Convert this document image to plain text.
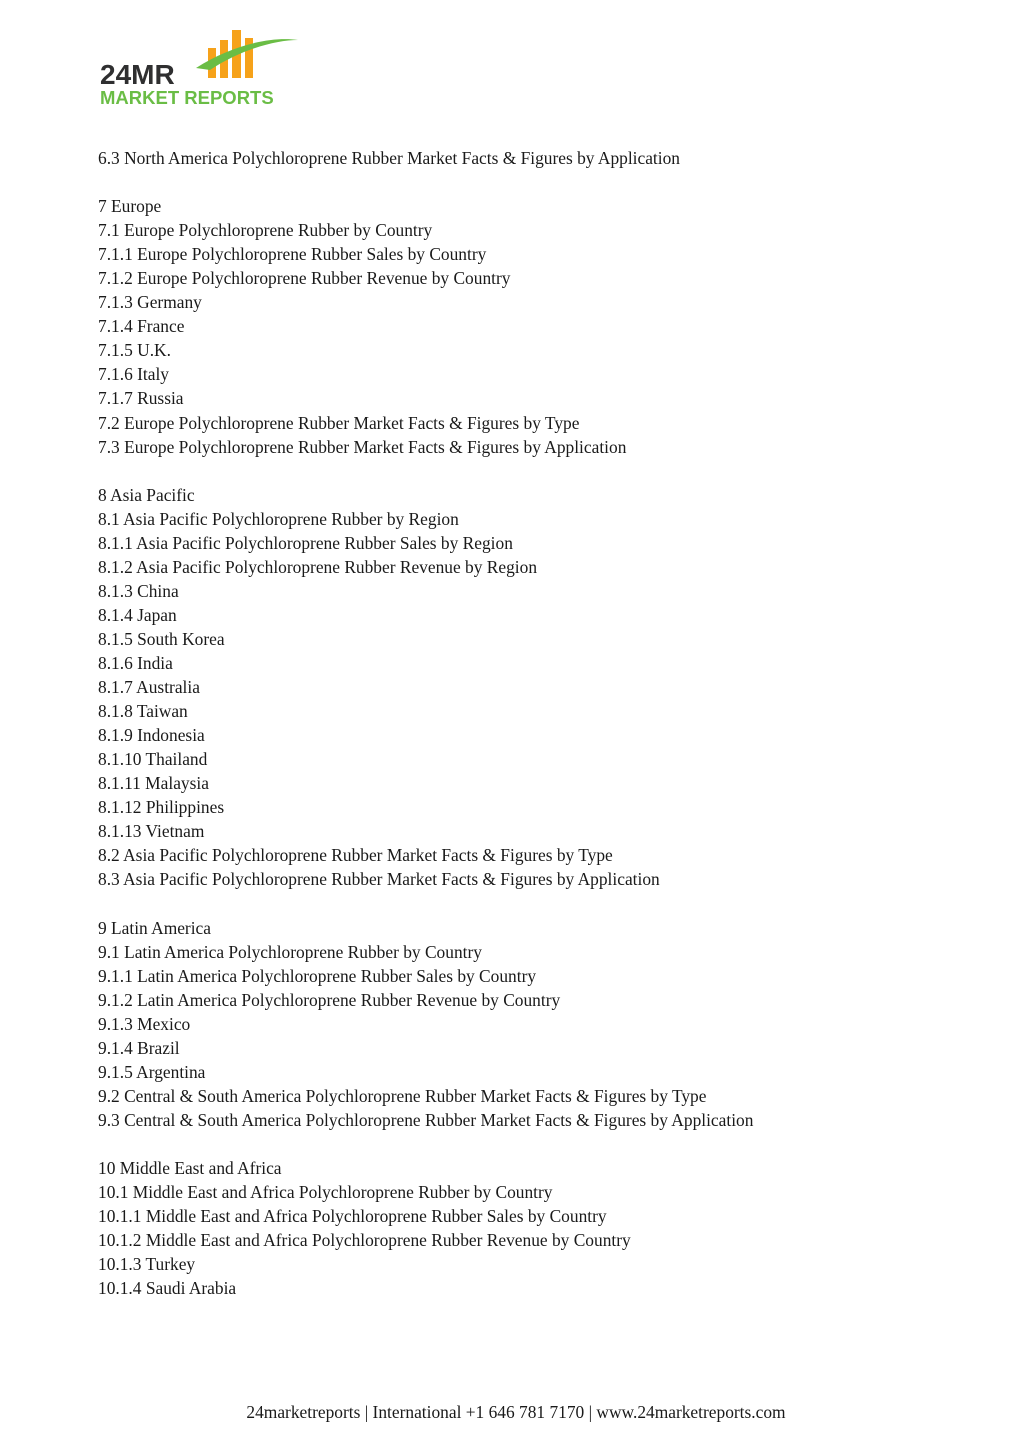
24MR
MARKET REPORTS
6.3 North America Polychloroprene Rubber Market Facts & Figures by Application
7 Europe
7.1 Europe Polychloroprene Rubber by Country
7.1.1 Europe Polychloroprene Rubber Sales by Country
7.1.2 Europe Polychloroprene Rubber Revenue by Country
7.1.3 Germany
7.1.4 France
7.1.5 U.K.
7.1.6 Italy
7.1.7 Russia
7.2 Europe Polychloroprene Rubber Market Facts & Figures by Type
7.3 Europe Polychloroprene Rubber Market Facts & Figures by Application
8 Asia Pacific
8.1 Asia Pacific Polychloroprene Rubber by Region
8.1.1 Asia Pacific Polychloroprene Rubber Sales by Region
8.1.2 Asia Pacific Polychloroprene Rubber Revenue by Region
8.1.3 China
8.1.4 Japan
8.1.5 South Korea
8.1.6 India
8.1.7 Australia
8.1.8 Taiwan
8.1.9 Indonesia
8.1.10 Thailand
8.1.11 Malaysia
8.1.12 Philippines
8.1.13 Vietnam
8.2 Asia Pacific Polychloroprene Rubber Market Facts & Figures by Type
8.3 Asia Pacific Polychloroprene Rubber Market Facts & Figures by Application
9 Latin America
9.1 Latin America Polychloroprene Rubber by Country
9.1.1 Latin America Polychloroprene Rubber Sales by Country
9.1.2 Latin America Polychloroprene Rubber Revenue by Country
9.1.3 Mexico
9.1.4 Brazil
9.1.5 Argentina
9.2 Central & South America Polychloroprene Rubber Market Facts & Figures by Type
9.3 Central & South America Polychloroprene Rubber Market Facts & Figures by Application
10 Middle East and Africa
10.1 Middle East and Africa Polychloroprene Rubber by Country
10.1.1 Middle East and Africa Polychloroprene Rubber Sales by Country
10.1.2 Middle East and Africa Polychloroprene Rubber Revenue by Country
10.1.3 Turkey
10.1.4 Saudi Arabia
24marketreports | International +1 646 781 7170 | www.24marketreports.com
